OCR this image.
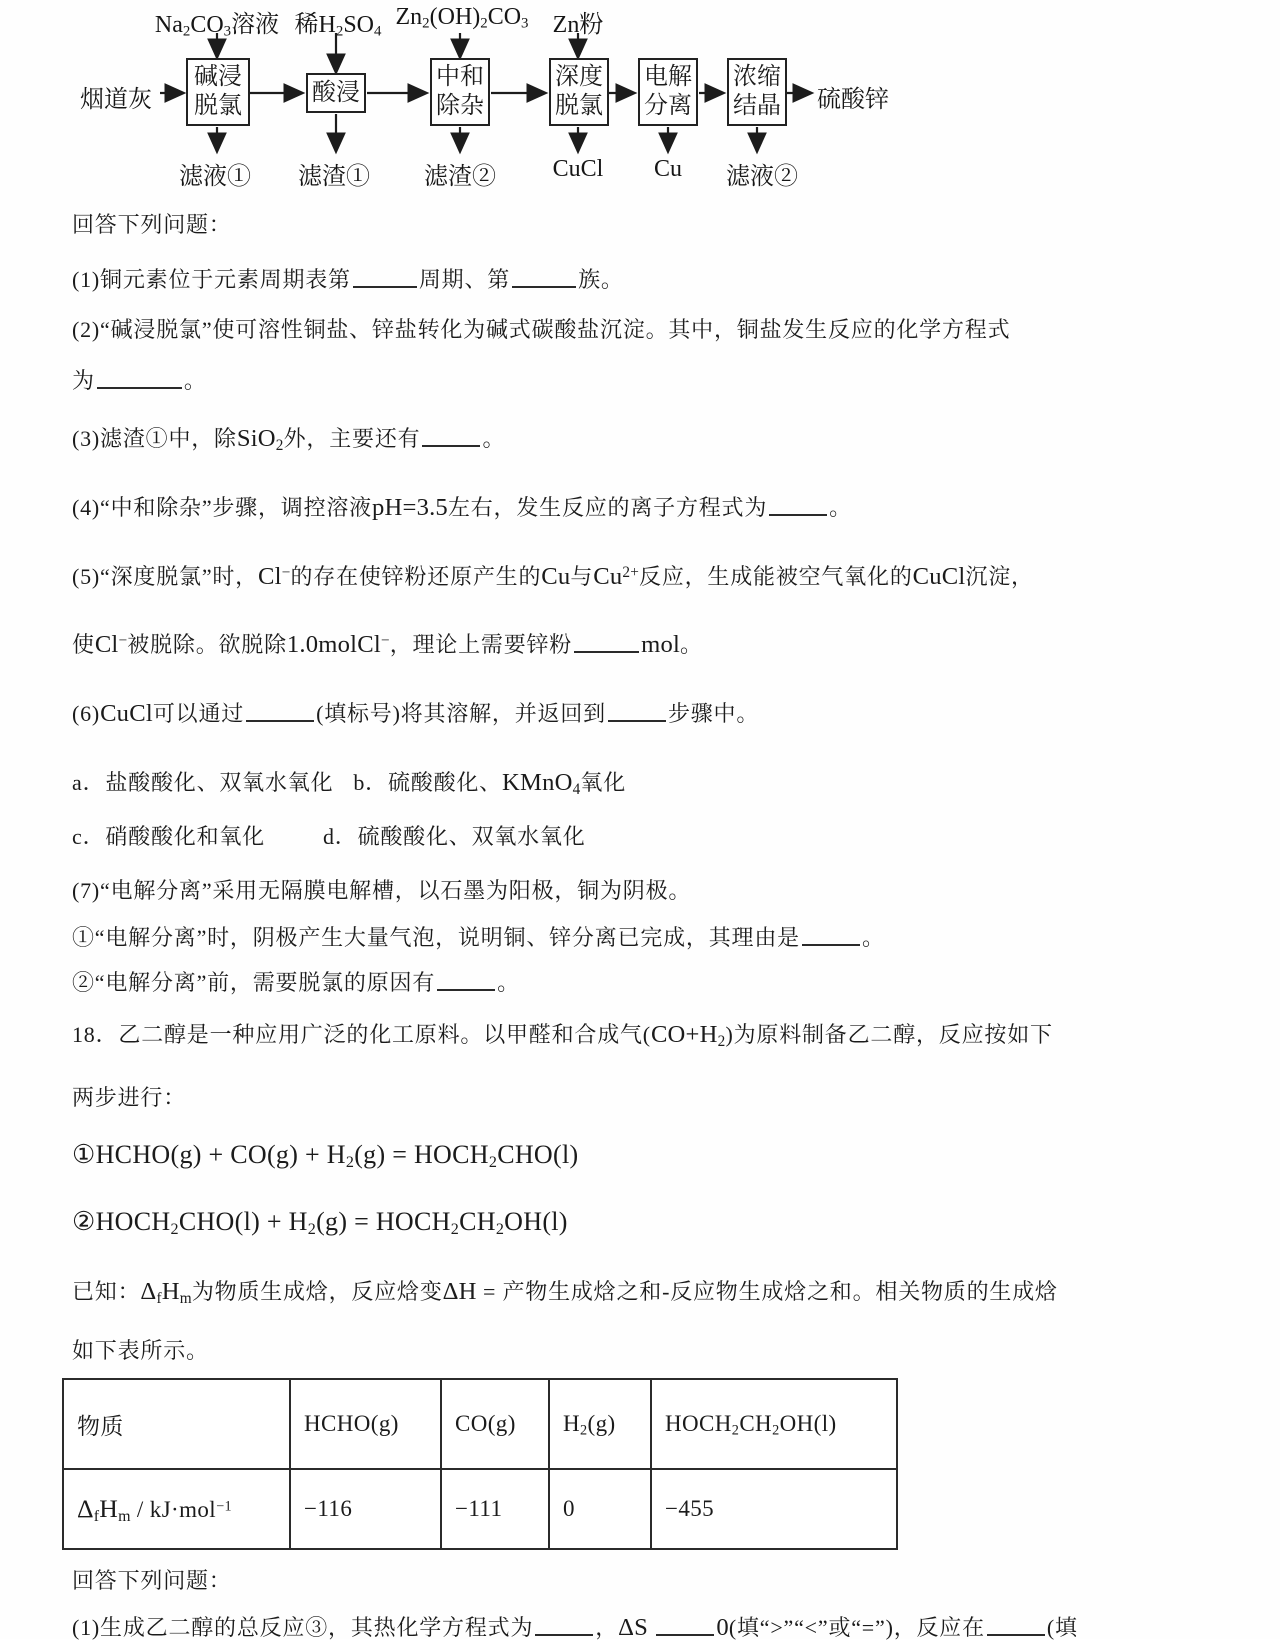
$Na_2CO_3$溶液 稀$H_2SO_4$
$Zn_2(OH)_2CO_3$ Zn粉
烟道灰	硫酸锌
碱浸脱氯
酸浸
中和除杂
深度脱氯
电解分离
浓缩结晶
滤液① 滤渣① 滤渣② CuCl Cu 滤液②
回答下列问题：
(1)铜元素位于元素周期表第	周期、第	族。
(2)“碱浸脱氯”使可溶性铜盐、锌盐转化为碱式碳酸盐沉淀。其中，铜盐发生反应的化学方程式
为	。
(3)滤渣①中，除SiO$_2$外，主要还有	。
(4)“中和除杂”步骤，调控溶液pH=3.5左右，发生反应的离子方程式为	。
(5)“深度脱氯”时，Cl−的存在使锌粉还原产生的Cu与$Cu^{2+}$反应，生成能被空气氧化的CuCl沉淀，
使Cl−被脱除。欲脱除1.0molCl−，理论上需要锌粉	mol。
(6)CuCl可以通过	(填标号)将其溶解，并返回到	步骤中。
a．盐酸酸化、双氧水氧化 b．硫酸酸化、KMnO$_4$氧化
c．硝酸酸化和氧化	d．硫酸酸化、双氧水氧化
(7)“电解分离”采用无隔膜电解槽，以石墨为阳极，铜为阴极。
①“电解分离”时，阴极产生大量气泡，说明铜、锌分离已完成，其理由是	。
②“电解分离”前，需要脱氯的原因有	。
18．乙二醇是一种应用广泛的化工原料。以甲醛和合成气$(CO+H_2)$为原料制备乙二醇，反应按如下
两步进行：
①HCHO(g) + $CO(g) + H_2(g)$ = $HOCH_2CHO(l)$
$②HOCH_2CHO(l) + H_2(g)$ = $HOCH_2CH_2OH(l)$
已知：$\Delta_fH_m$为物质生成焓，反应焓变ΔH = 产物生成焓之和-反应物生成焓之和。相关物质的生成焓
如下表所示。
物质	HCHO(g)	CO(g)	$H_2(g)$	$HOCH_2CH_2OH(l)$
$\Delta_fH_m / kJ\cdot mol^{-1}$	−116	−111	0	−455
回答下列问题：
(1)生成乙二醇的总反应③，其热化学方程式为	，ΔS	0(填“>”“<”或“=”)，反应在	(填
